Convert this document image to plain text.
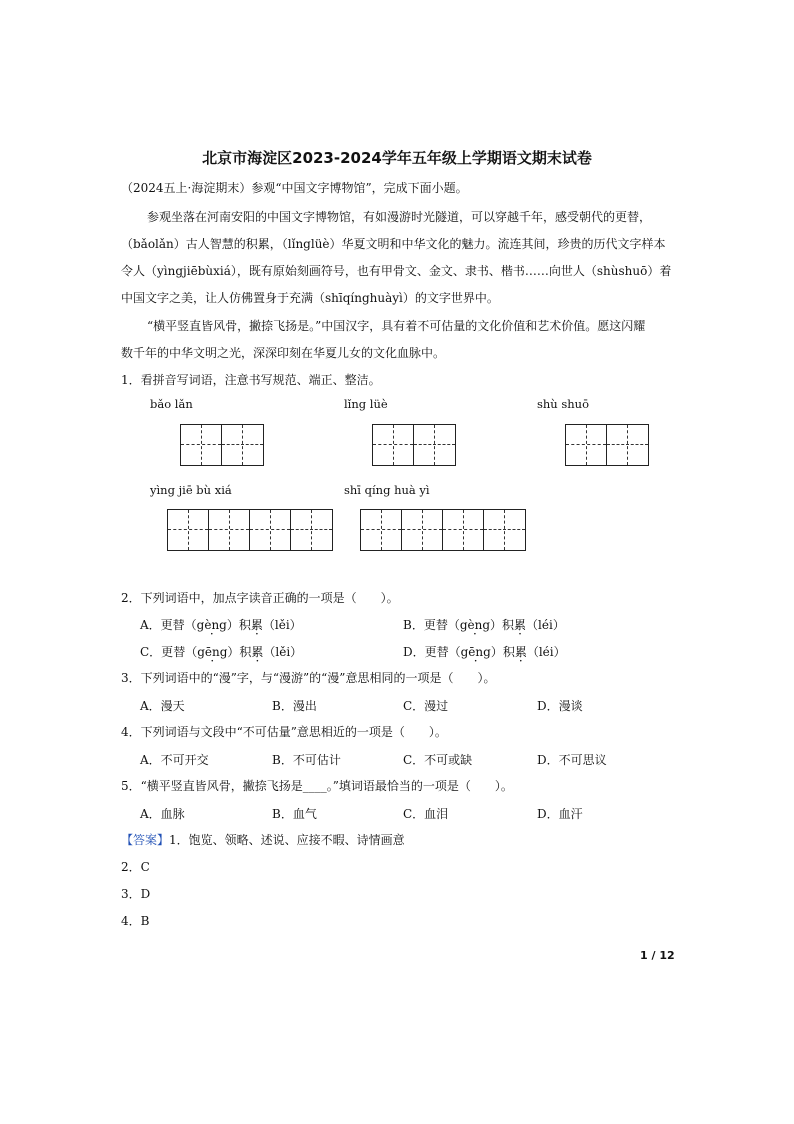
北京市海淀区2023-2024学年五年级上学期语文期末试卷
（2024五上·海淀期末）参观“中国文字博物馆”，完成下面小题。
参观坐落在河南安阳的中国文字博物馆，有如漫游时光隧道，可以穿越千年，感受朝代的更替，
（bǎolǎn）古人智慧的积累，（lǐnglüè）华夏文明和中华文化的魅力。流连其间，珍贵的历代文字样本
令人（yìngjiēbùxiá），既有原始刻画符号，也有甲骨文、金文、隶书、楷书……向世人（shùshuō）着
中国文字之美，让人仿佛置身于充满（shīqínghuàyì）的文字世界中。
“横平竖直皆风骨，撇捺飞扬是。”中国汉字，具有着不可估量的文化价值和艺术价值。愿这闪耀
数千年的中华文明之光，深深印刻在华夏儿女的文化血脉中。
1．看拼音写词语，注意书写规范、端正、整洁。
bǎo lǎn	lǐng lüè	shù shuō
yìng jiē bù xiá	shī qíng huà yì
2．下列词语中，加点字读音正确的一项是（　　）。
A．更替（gèng）积 ·累（lěi）	B．更替（gèng）积 ·累（léi）
C．更替（gēng）积 ·累（lěi）	D．更替（gēng）积 ·累（léi）
3．下列词语中的“漫”字，与“漫游”的“漫”意思相同的一项是（　　）。
A．漫天	B．漫出	C．漫过	D．漫谈
4．下列词语与文段中“不可估量”意思相近的一项是（　　）。
A．不可开交	B．不可估计	C．不可或缺	D．不可思议
5．“横平竖直皆风骨，撇捺飞扬是____。”填词语最恰当的一项是（　　）。
A．血脉	B．血气	C．血泪	D．血汗
【答案】1．饱览、领略、述说、应接不暇、诗情画意
2．C
3．D
4．B
1 / 12
